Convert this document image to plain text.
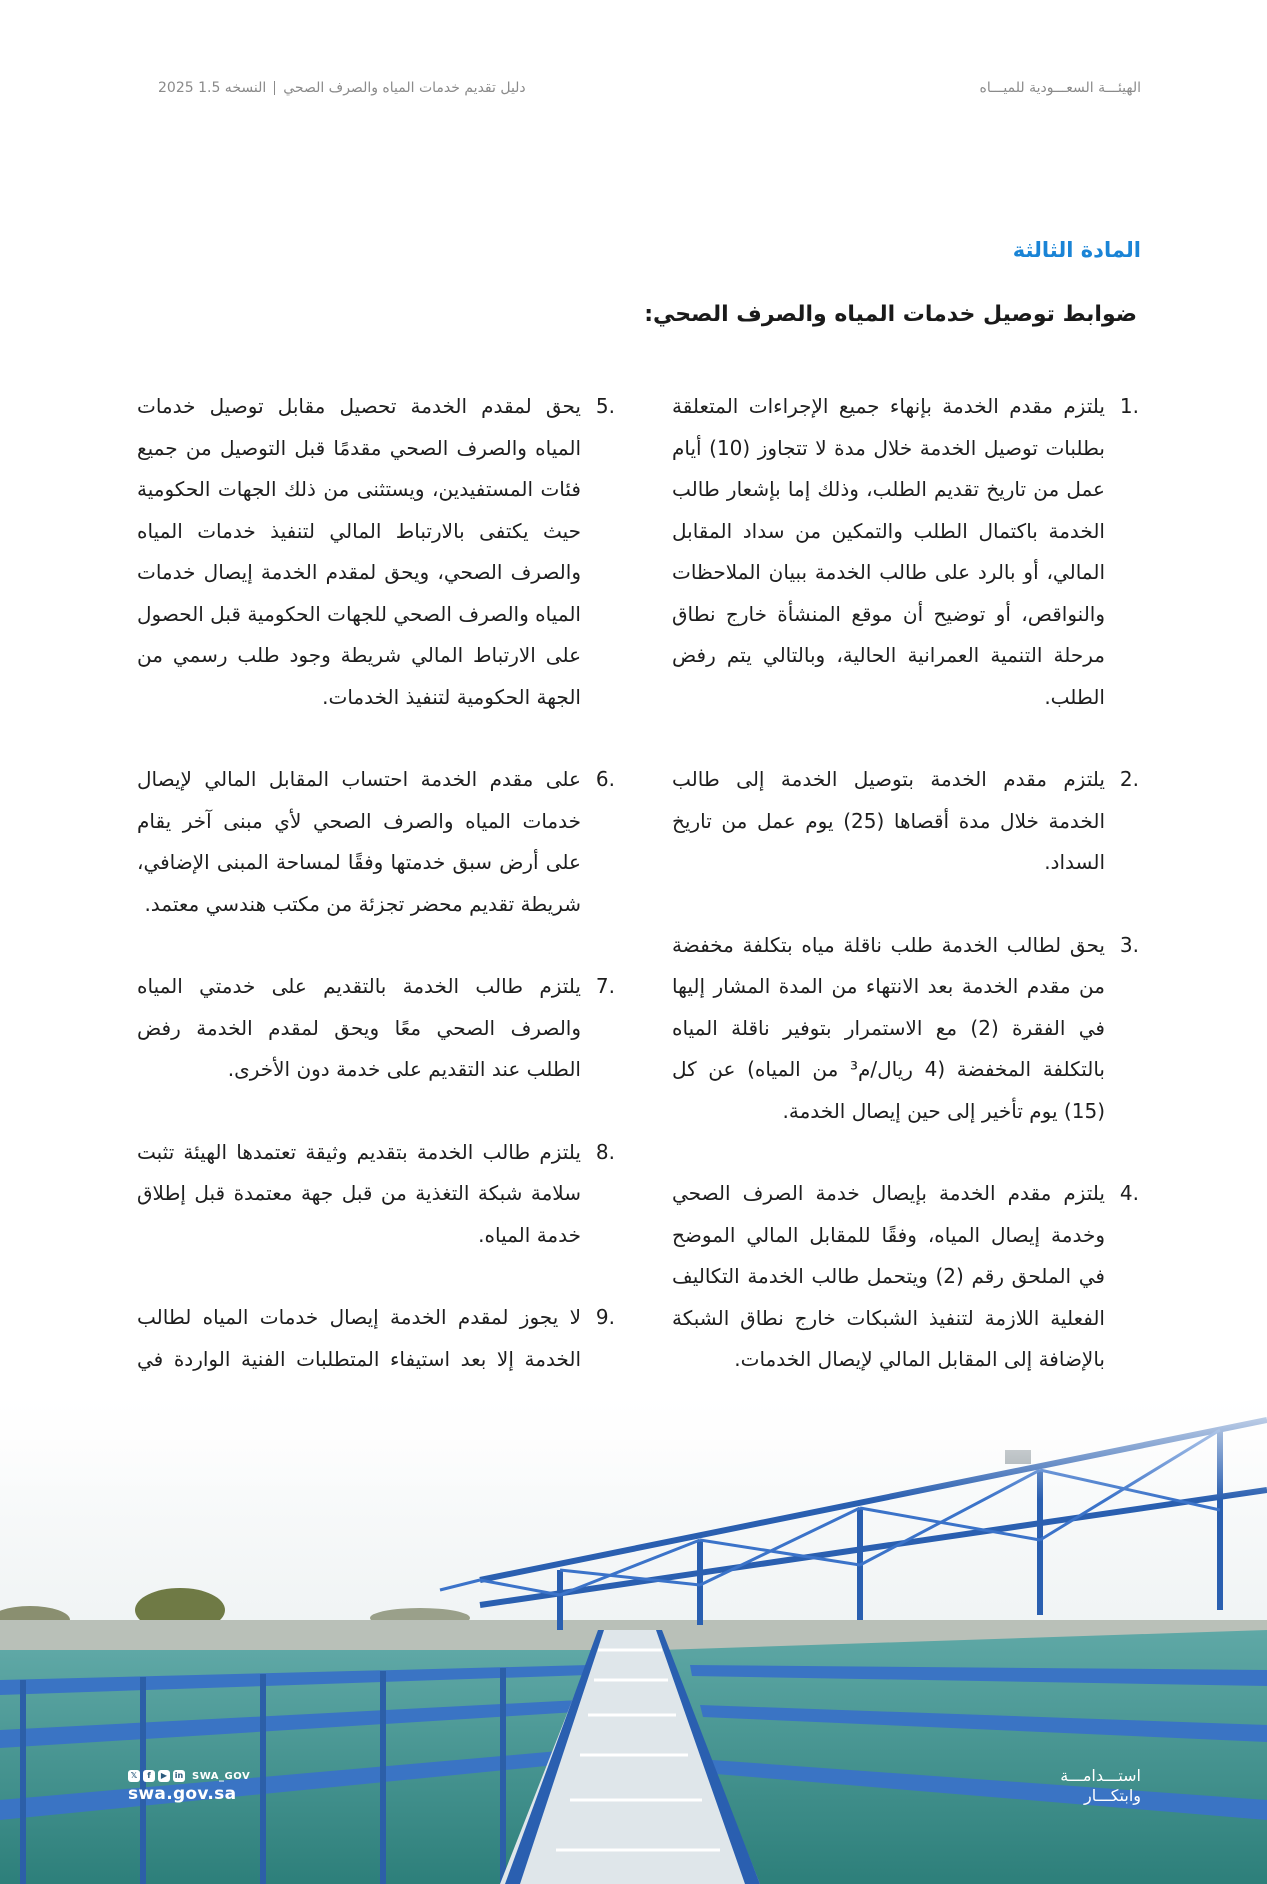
الهيئـــة السعـــودية للميـــاه
دليل تقديم خدمات المياه والصرف الصحيالنسخه 1.5 2025
المادة الثالثة
ضوابط توصيل خدمات المياه والصرف الصحي:
.1
يلتزم مقدم الخدمة بإنهاء جميع الإجراءات المتعلقة بطلبات توصيل الخدمة خلال مدة لا تتجاوز (10) أيام عمل من تاريخ تقديم الطلب، وذلك إما بإشعار طالب الخدمة باكتمال الطلب والتمكين من سداد المقابل المالي، أو بالرد على طالب الخدمة ببيان الملاحظات والنواقص، أو توضيح أن موقع المنشأة خارج نطاق مرحلة التنمية العمرانية الحالية، وبالتالي يتم رفض الطلب.
.2
يلتزم مقدم الخدمة بتوصيل الخدمة إلى طالب الخدمة خلال مدة أقصاها (25) يوم عمل من تاريخ السداد.
.3
يحق لطالب الخدمة طلب ناقلة مياه بتكلفة مخفضة من مقدم الخدمة بعد الانتهاء من المدة المشار إليها في الفقرة (2) مع الاستمرار بتوفير ناقلة المياه بالتكلفة المخفضة (4 ريال/م³ من المياه) عن كل (15) يوم تأخير إلى حين إيصال الخدمة.
.4
يلتزم مقدم الخدمة بإيصال خدمة الصرف الصحي وخدمة إيصال المياه، وفقًا للمقابل المالي الموضح في الملحق رقم (2) ويتحمل طالب الخدمة التكاليف الفعلية اللازمة لتنفيذ الشبكات خارج نطاق الشبكة بالإضافة إلى المقابل المالي لإيصال الخدمات.
.5
يحق لمقدم الخدمة تحصيل مقابل توصيل خدمات المياه والصرف الصحي مقدمًا قبل التوصيل من جميع فئات المستفيدين، ويستثنى من ذلك الجهات الحكومية حيث يكتفى بالارتباط المالي لتنفيذ خدمات المياه والصرف الصحي، ويحق لمقدم الخدمة إيصال خدمات المياه والصرف الصحي للجهات الحكومية قبل الحصول على الارتباط المالي شريطة وجود طلب رسمي من الجهة الحكومية لتنفيذ الخدمات.
.6
على مقدم الخدمة احتساب المقابل المالي لإيصال خدمات المياه والصرف الصحي لأي مبنى آخر يقام على أرض سبق خدمتها وفقًا لمساحة المبنى الإضافي، شريطة تقديم محضر تجزئة من مكتب هندسي معتمد.
.7
يلتزم طالب الخدمة بالتقديم على خدمتي المياه والصرف الصحي معًا ويحق لمقدم الخدمة رفض الطلب عند التقديم على خدمة دون الأخرى.
.8
يلتزم طالب الخدمة بتقديم وثيقة تعتمدها الهيئة تثبت سلامة شبكة التغذية من قبل جهة معتمدة قبل إطلاق خدمة المياه.
.9
لا يجوز لمقدم الخدمة إيصال خدمات المياه لطالب الخدمة إلا بعد استيفاء المتطلبات الفنية الواردة في
𝕏	f	▶ in SWA_GOV
swa.gov.sa
استـــدامـــة
وابتكـــار
